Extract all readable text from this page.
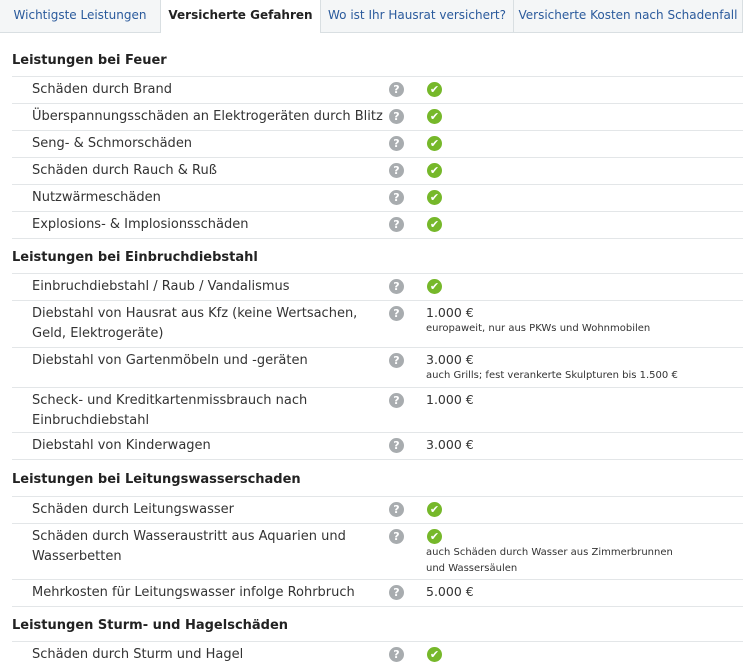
Wichtigste Leistungen	Versicherte Gefahren	Wo ist Ihr Hausrat versichert?	Versicherte Kosten nach Schadenfall
Leistungen bei Feuer
Schäden durch Brand	?	✔
Überspannungsschäden an Elektrogeräten durch Blitz ?	✔
Seng- & Schmorschäden	?	✔
Schäden durch Rauch & Ruß	?	✔
Nutzwärmeschäden	?	✔
Explosions- & Implosionsschäden	?	✔
Leistungen bei Einbruchdiebstahl
Einbruchdiebstahl / Raub / Vandalismus	?	✔
Diebstahl von Hausrat aus Kfz (keine Wertsachen,
Geld, Elektrogeräte)
?	1.000 €
europaweit, nur aus PKWs und Wohnmobilen
Diebstahl von Gartenmöbeln und -geräten	?	3.000 €
auch Grills; fest verankerte Skulpturen bis 1.500 €
Scheck- und Kreditkartenmissbrauch nach
Einbruchdiebstahl
?	1.000 €
Diebstahl von Kinderwagen	?	3.000 €
Leistungen bei Leitungswasserschaden
Schäden durch Leitungswasser	?	✔
Schäden durch Wasseraustritt aus Aquarien und
Wasserbetten
?	✔
auch Schäden durch Wasser aus Zimmerbrunnen
und Wassersäulen
Mehrkosten für Leitungswasser infolge Rohrbruch	?	5.000 €
Leistungen Sturm- und Hagelschäden
Schäden durch Sturm und Hagel	?	✔
